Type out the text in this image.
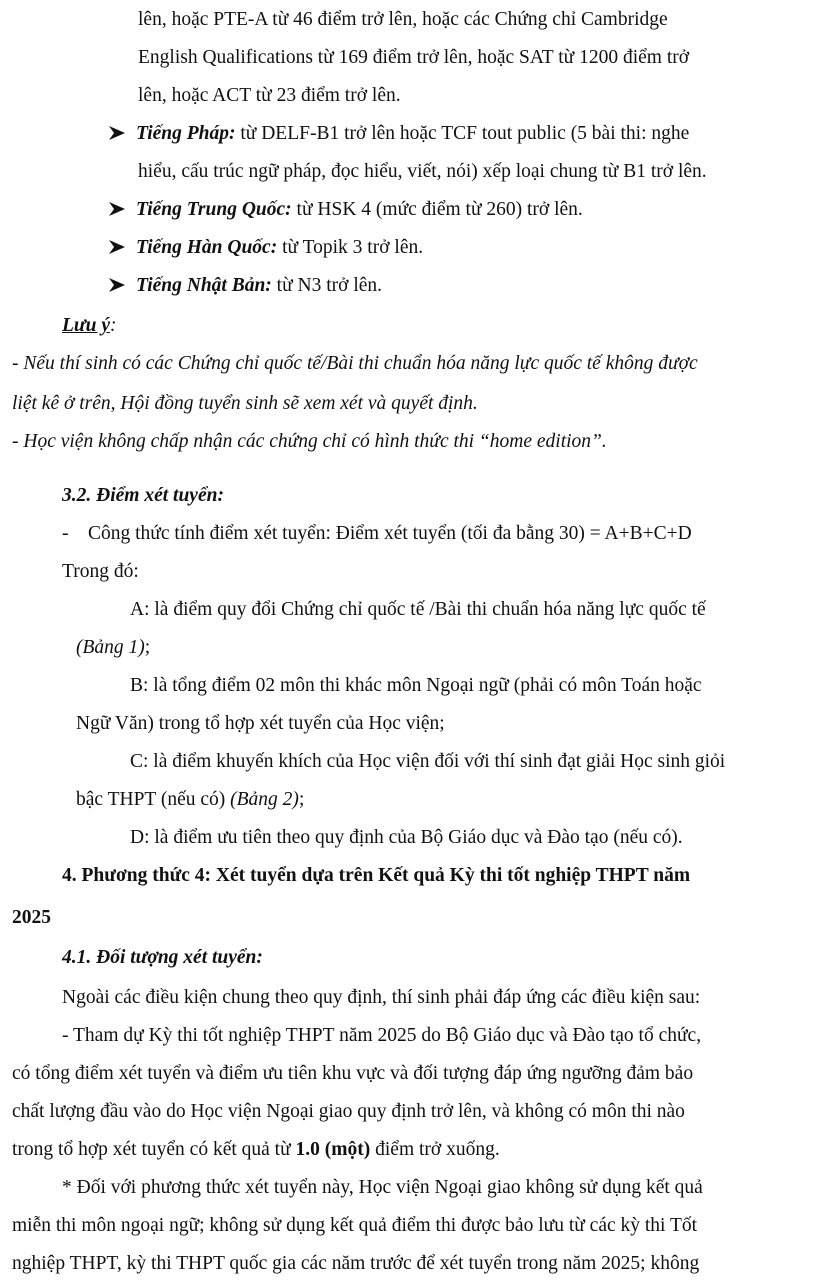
lên, hoặc PTE-A từ 46 điểm trở lên, hoặc các Chứng chỉ Cambridge
English Qualifications từ 169 điểm trở lên, hoặc SAT từ 1200 điểm trở
lên, hoặc ACT từ 23 điểm trở lên.
Tiếng Pháp: từ DELF-B1 trở lên hoặc TCF tout public (5 bài thi: nghe
hiểu, cấu trúc ngữ pháp, đọc hiểu, viết, nói) xếp loại chung từ B1 trở lên.
Tiếng Trung Quốc: từ HSK 4 (mức điểm từ 260) trở lên.
Tiếng Hàn Quốc: từ Topik 3 trở lên.
Tiếng Nhật Bản: từ N3 trở lên.
Lưu ý:
- Nếu thí sinh có các Chứng chỉ quốc tế/Bài thi chuẩn hóa năng lực quốc tế không được
liệt kê ở trên, Hội đồng tuyển sinh sẽ xem xét và quyết định.
- Học viện không chấp nhận các chứng chỉ có hình thức thi “home edition”.
3.2. Điểm xét tuyển:
-    Công thức tính điểm xét tuyển: Điểm xét tuyển (tối đa bằng 30) = A+B+C+D
Trong đó:
A: là điểm quy đổi Chứng chỉ quốc tế /Bài thi chuẩn hóa năng lực quốc tế
(Bảng 1);
B: là tổng điểm 02 môn thi khác môn Ngoại ngữ (phải có môn Toán hoặc
Ngữ Văn) trong tổ hợp xét tuyển của Học viện;
C: là điểm khuyến khích của Học viện đối với thí sinh đạt giải Học sinh giỏi
bậc THPT (nếu có) (Bảng 2);
D: là điểm ưu tiên theo quy định của Bộ Giáo dục và Đào tạo (nếu có).
4. Phương thức 4: Xét tuyển dựa trên Kết quả Kỳ thi tốt nghiệp THPT năm
2025
4.1. Đối tượng xét tuyển:
Ngoài các điều kiện chung theo quy định, thí sinh phải đáp ứng các điều kiện sau:
- Tham dự Kỳ thi tốt nghiệp THPT năm 2025 do Bộ Giáo dục và Đào tạo tổ chức,
có tổng điểm xét tuyển và điểm ưu tiên khu vực và đối tượng đáp ứng ngưỡng đảm bảo
chất lượng đầu vào do Học viện Ngoại giao quy định trở lên, và không có môn thi nào
trong tổ hợp xét tuyển có kết quả từ 1.0 (một) điểm trở xuống.
* Đối với phương thức xét tuyển này, Học viện Ngoại giao không sử dụng kết quả
miễn thi môn ngoại ngữ; không sử dụng kết quả điểm thi được bảo lưu từ các kỳ thi Tốt
nghiệp THPT, kỳ thi THPT quốc gia các năm trước để xét tuyển trong năm 2025; không
